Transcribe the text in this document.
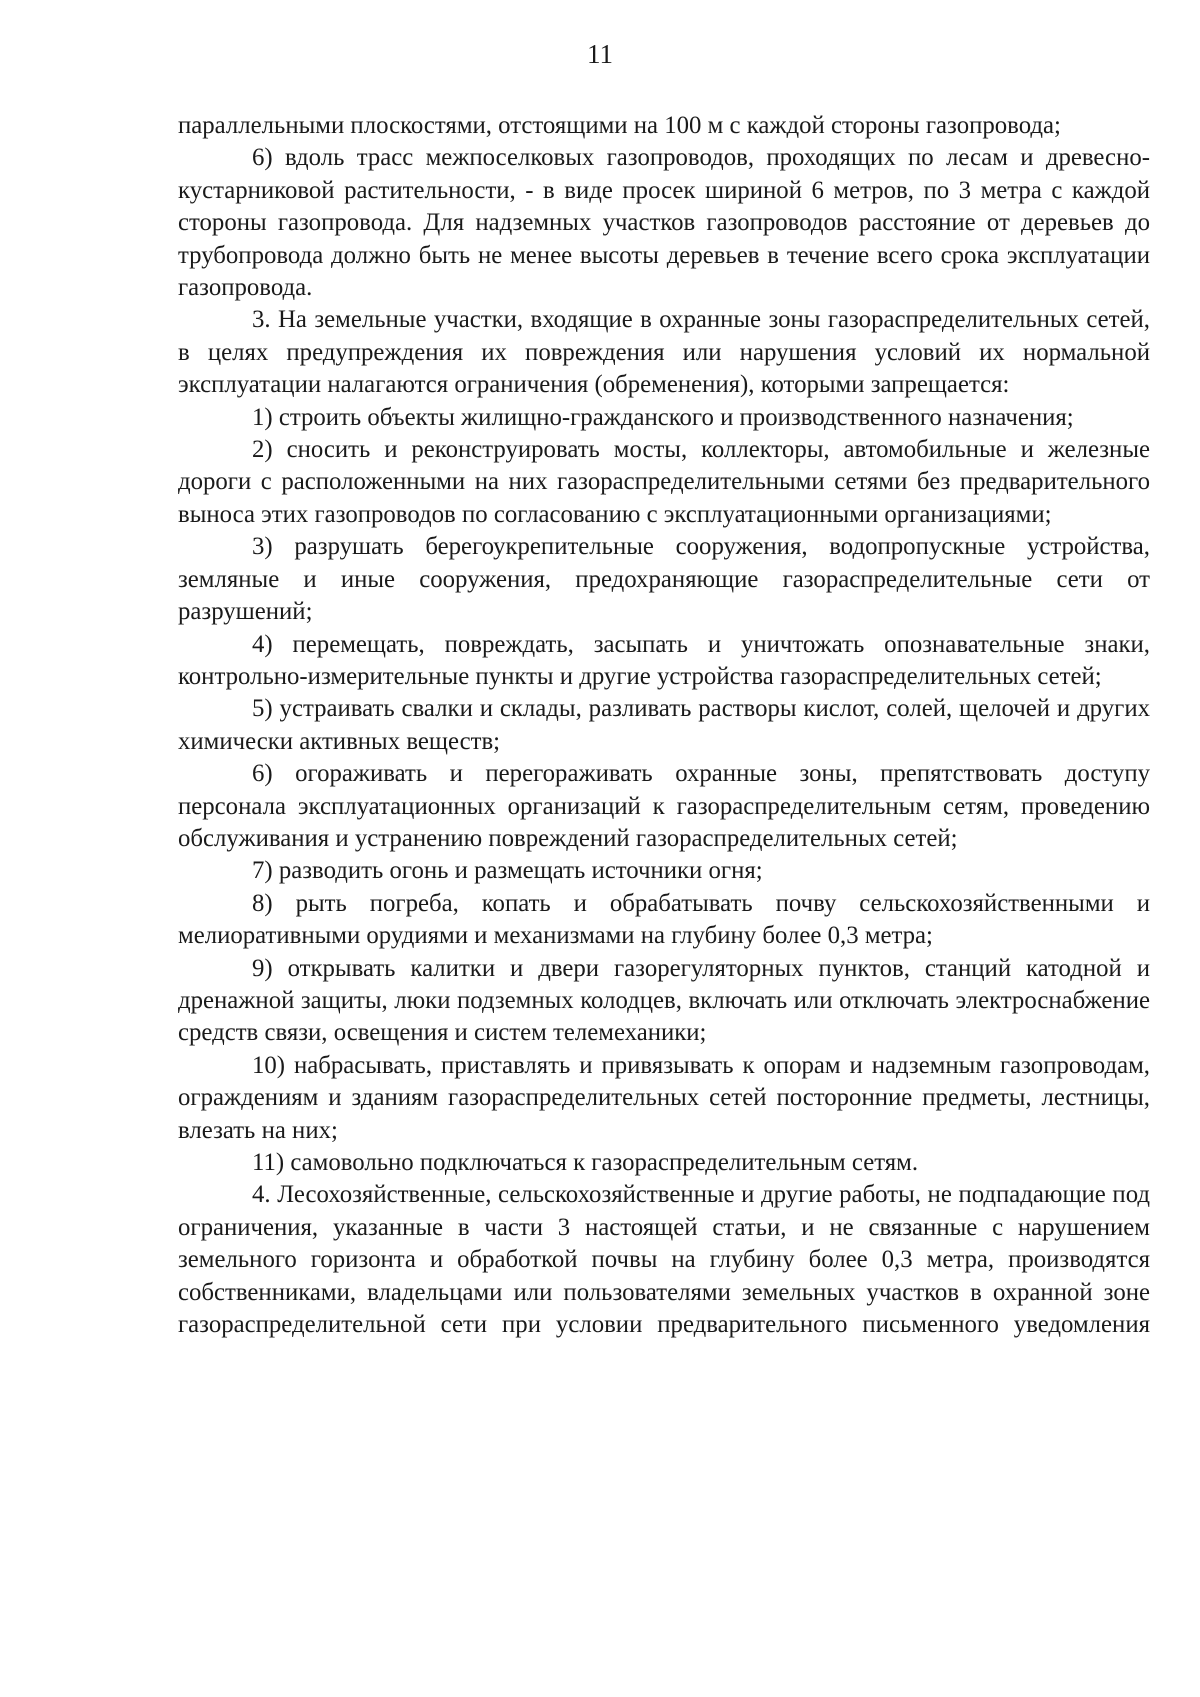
11

параллельными плоскостями, отстоящими на 100 м с каждой стороны газопровода;

6) вдоль трасс межпоселковых газопроводов, проходящих по лесам и древесно-кустарниковой растительности, - в виде просек шириной 6 метров, по 3 метра с каждой стороны газопровода. Для надземных участков газопроводов расстояние от деревьев до трубопровода должно быть не менее высоты деревьев в течение всего срока эксплуатации газопровода.

3. На земельные участки, входящие в охранные зоны газораспределительных сетей, в целях предупреждения их повреждения или нарушения условий их нормальной эксплуатации налагаются ограничения (обременения), которыми запрещается:

1) строить объекты жилищно-гражданского и производственного назначения;

2) сносить и реконструировать мосты, коллекторы, автомобильные и железные дороги с расположенными на них газораспределительными сетями без предварительного выноса этих газопроводов по согласованию с эксплуатационными организациями;

3) разрушать берегоукрепительные сооружения, водопропускные устройства, земляные и иные сооружения, предохраняющие газораспределительные сети от разрушений;

4) перемещать, повреждать, засыпать и уничтожать опознавательные знаки, контрольно-измерительные пункты и другие устройства газораспределительных сетей;

5) устраивать свалки и склады, разливать растворы кислот, солей, щелочей и других химически активных веществ;

6) огораживать и перегораживать охранные зоны, препятствовать доступу персонала эксплуатационных организаций к газораспределительным сетям, проведению обслуживания и устранению повреждений газораспределительных сетей;

7) разводить огонь и размещать источники огня;

8) рыть погреба, копать и обрабатывать почву сельскохозяйственными и мелиоративными орудиями и механизмами на глубину более 0,3 метра;

9) открывать калитки и двери газорегуляторных пунктов, станций катодной и дренажной защиты, люки подземных колодцев, включать или отключать электроснабжение средств связи, освещения и систем телемеханики;

10) набрасывать, приставлять и привязывать к опорам и надземным газопроводам, ограждениям и зданиям газораспределительных сетей посторонние предметы, лестницы, влезать на них;

11) самовольно подключаться к газораспределительным сетям.

4. Лесохозяйственные, сельскохозяйственные и другие работы, не подпадающие под ограничения, указанные в части 3 настоящей статьи, и не связанные с нарушением земельного горизонта и обработкой почвы на глубину более 0,3 метра, производятся собственниками, владельцами или пользователями земельных участков в охранной зоне газораспределительной сети при условии предварительного письменного уведомления
